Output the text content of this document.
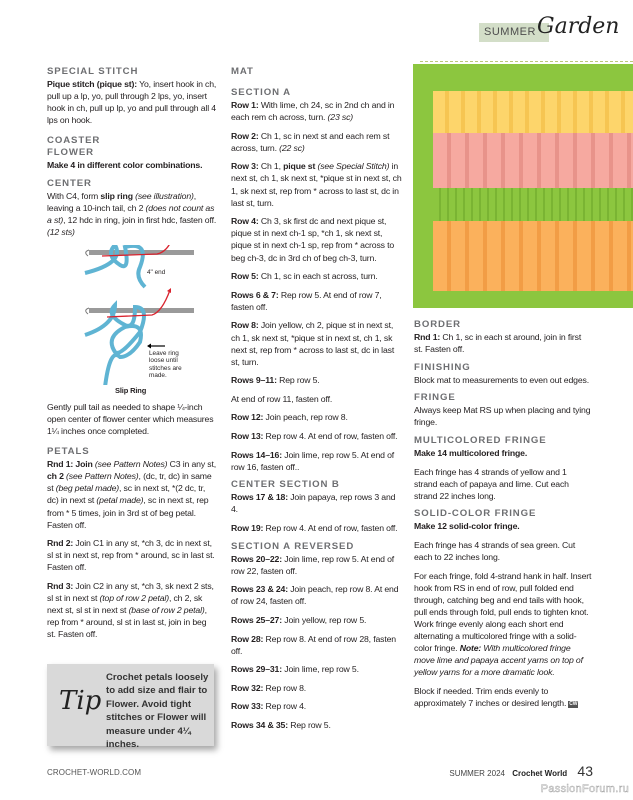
SUMMER Garden
SPECIAL STITCH

Pique stitch (pique st): Yo, insert hook in ch, pull up a lp, yo, pull through 2 lps, yo, insert hook in ch, pull up lp, yo and pull through all 4 lps on hook.

COASTER
FLOWER

Make 4 in different color combinations.

CENTER

With C4, form slip ring (see illustration), leaving a 10-inch tail, ch 2 (does not count as a st), 12 hdc in ring, join in first hdc, fasten off. (12 sts)

4" end
Leave ring loose until stitches are made.
Slip Ring

Gently pull tail as needed to shape ¼-inch open center of flower center which measures 1¼ inches once completed.

PETALS

Rnd 1: Join (see Pattern Notes) C3 in any st, ch 2 (see Pattern Notes), (dc, tr, dc) in same st (beg petal made), sc in next st, *(2 dc, tr, dc) in next st (petal made), sc in next st, rep from * 5 times, join in 3rd st of beg petal. Fasten off.

Rnd 2: Join C1 in any st, *ch 3, dc in next st, sl st in next st, rep from * around, sc in last st. Fasten off.

Rnd 3: Join C2 in any st, *ch 3, sk next 2 sts, sl st in next st (top of row 2 petal), ch 2, sk next st, sl st in next st (base of row 2 petal), rep from * around, sl st in last st, join in beg st. Fasten off.

MAT
SECTION A

Row 1: With lime, ch 24, sc in 2nd ch and in each rem ch across, turn. (23 sc)

Row 2: Ch 1, sc in next st and each rem st across, turn. (22 sc)

Row 3: Ch 1, pique st (see Special Stitch) in next st, ch 1, sk next st, *pique st in next st, ch 1, sk next st, rep from * across to last st, dc in last st, turn.

Row 4: Ch 3, sk first dc and next pique st, pique st in next ch-1 sp, *ch 1, sk next st, pique st in next ch-1 sp, rep from * across to beg ch-3, dc in 3rd ch of beg ch-3, turn.

Row 5: Ch 1, sc in each st across, turn.

Rows 6 & 7: Rep row 5. At end of row 7, fasten off.

Row 8: Join yellow, ch 2, pique st in next st, ch 1, sk next st, *pique st in next st, ch 1, sk next st, rep from * across to last st, dc in last st, turn.

Rows 9–11: Rep row 5.

At end of row 11, fasten off.

Row 12: Join peach, rep row 8.

Row 13: Rep row 4. At end of row, fasten off.

Rows 14–16: Join lime, rep row 5. At end of row 16, fasten off..

CENTER SECTION B

Rows 17 & 18: Join papaya, rep rows 3 and 4.

Row 19: Rep row 4. At end of row, fasten off.

SECTION A REVERSED

Rows 20–22: Join lime, rep row 5. At end of row 22, fasten off.

Rows 23 & 24: Join peach, rep row 8. At end of row 24, fasten off.

Rows 25–27: Join yellow, rep row 5.

Row 28: Rep row 8. At end of row 28, fasten off.

Rows 29–31: Join lime, rep row 5.

Row 32: Rep row 8.

Row 33: Rep row 4.

Rows 34 & 35: Rep row 5.

BORDER

Rnd 1: Ch 1, sc in each st around, join in first st. Fasten off.

FINISHING

Block mat to measurements to even out edges.

FRINGE

Always keep Mat RS up when placing and tying fringe.

MULTICOLORED FRINGE

Make 14 multicolored fringe.

Each fringe has 4 strands of yellow and 1 strand each of papaya and lime. Cut each strand 22 inches long.

SOLID-COLOR FRINGE

Make 12 solid-color fringe.

Each fringe has 4 strands of sea green. Cut each to 22 inches long.

For each fringe, fold 4-strand hank in half. Insert hook from RS in end of row, pull folded end through, catching beg and end tails with hook, pull ends through fold, pull ends to tighten knot. Work fringe evenly along each short end alternating a multicolored fringe with a solid-color fringe. Note: With multicolored fringe move lime and papaya accent yarns on top of yellow yarns for a more dramatic look.

Block if needed. Trim ends evenly to approximately 7 inches or desired length. CW

Tip
Crochet petals loosely to add size and flair to Flower. Avoid tight stitches or Flower will measure under 4¼ inches.
CROCHET-WORLD.COM	SUMMER 2024 Crochet World 43
PassionForum.ru
